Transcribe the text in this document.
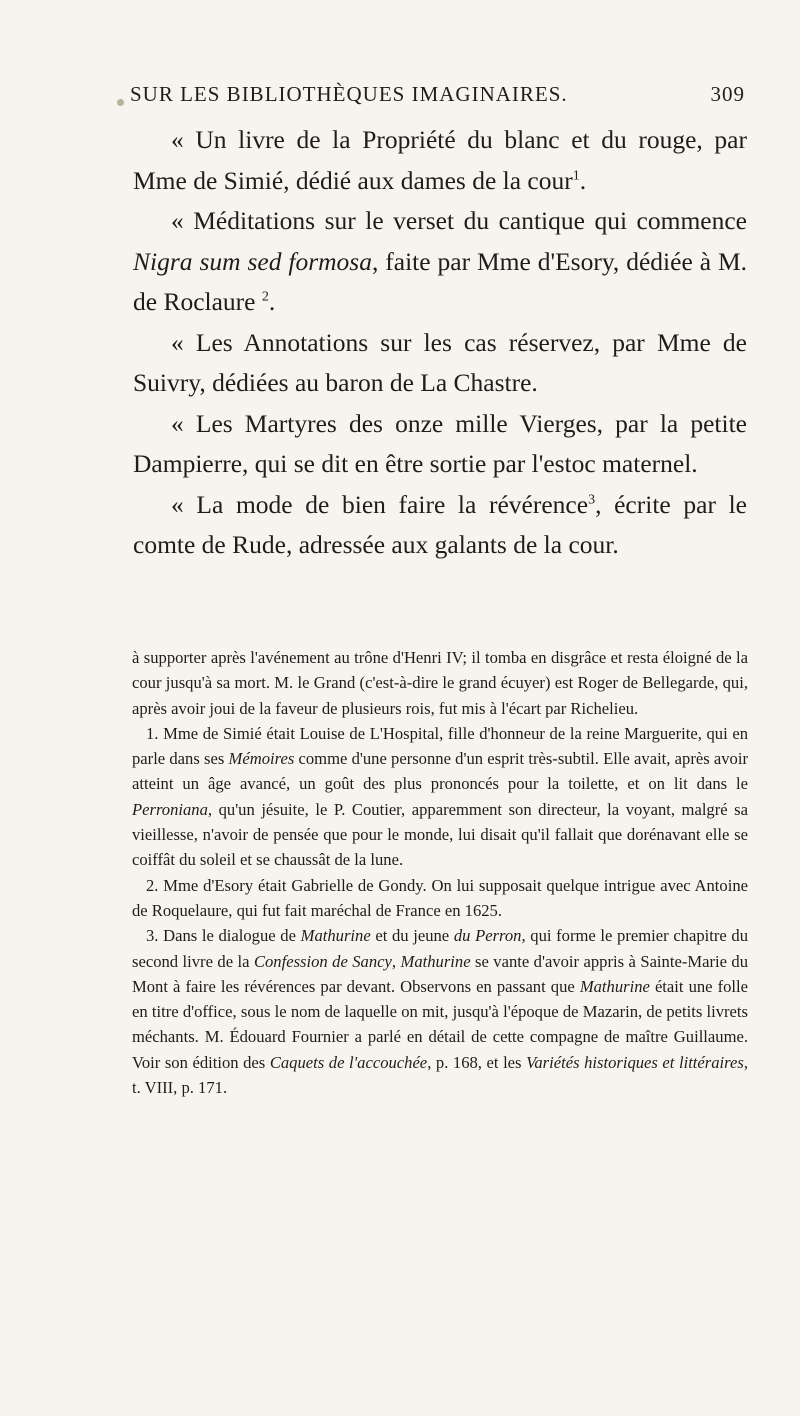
SUR LES BIBLIOTHÈQUES IMAGINAIRES.	309

« Un livre de la Propriété du blanc et du rouge, par Mme de Simié, dédié aux dames de la cour$^1$.

« Méditations sur le verset du cantique qui commence Nigra sum sed formosa, faite par Mme d'Esory, dédiée à M. de Roclaure $^2$.

« Les Annotations sur les cas réservez, par Mme de Suivry, dédiées au baron de La Chastre.

« Les Martyres des onze mille Vierges, par la petite Dampierre, qui se dit en être sortie par l'estoc maternel.

« La mode de bien faire la révérence$^3$, écrite par le comte de Rude, adressée aux galants de la cour.

à supporter après l'avénement au trône d'Henri IV; il tomba en disgrâce et resta éloigné de la cour jusqu'à sa mort. M. le Grand (c'est-à-dire le grand écuyer) est Roger de Bellegarde, qui, après avoir joui de la faveur de plusieurs rois, fut mis à l'écart par Richelieu.

1. Mme de Simié était Louise de L'Hospital, fille d'honneur de la reine Marguerite, qui en parle dans ses Mémoires comme d'une personne d'un esprit très-subtil. Elle avait, après avoir atteint un âge avancé, un goût des plus prononcés pour la toilette, et on lit dans le Perroniana, qu'un jésuite, le P. Coutier, apparemment son directeur, la voyant, malgré sa vieillesse, n'avoir de pensée que pour le monde, lui disait qu'il fallait que dorénavant elle se coiffât du soleil et se chaussât de la lune.

2. Mme d'Esory était Gabrielle de Gondy. On lui supposait quelque intrigue avec Antoine de Roquelaure, qui fut fait maréchal de France en 1625.

3. Dans le dialogue de Mathurine et du jeune du Perron, qui forme le premier chapitre du second livre de la Confession de Sancy, Mathurine se vante d'avoir appris à Sainte-Marie du Mont à faire les révérences par devant. Observons en passant que Mathurine était une folle en titre d'office, sous le nom de laquelle on mit, jusqu'à l'époque de Mazarin, de petits livrets méchants. M. Édouard Fournier a parlé en détail de cette compagne de maître Guillaume. Voir son édition des Caquets de l'accouchée, p. 168, et les Variétés historiques et littéraires, t. VIII, p. 171.
